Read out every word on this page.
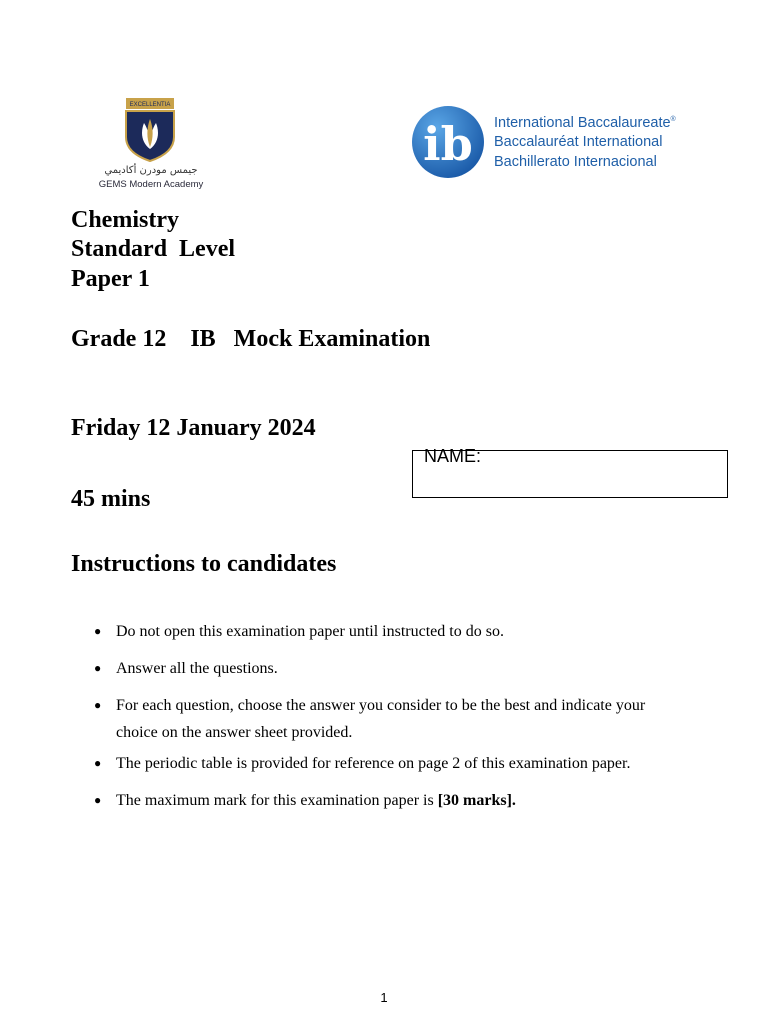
EXCELLENTIA
جيمس مودرن أكاديمي
GEMS Modern Academy
ib International Baccalaureate®
Baccalauréat International
Bachillerato Internacional
Chemistry
Standard  Level
Paper 1
Grade 12    IB   Mock Examination
Friday 12 January 2024
45 mins
NAME:
Instructions to candidates
● Do not open this examination paper until instructed to do so.
● Answer all the questions.
● For each question, choose the answer you consider to be the best and indicate your choice on the answer sheet provided.
● The periodic table is provided for reference on page 2 of this examination paper.
● The maximum mark for this examination paper is [30 marks].
1
